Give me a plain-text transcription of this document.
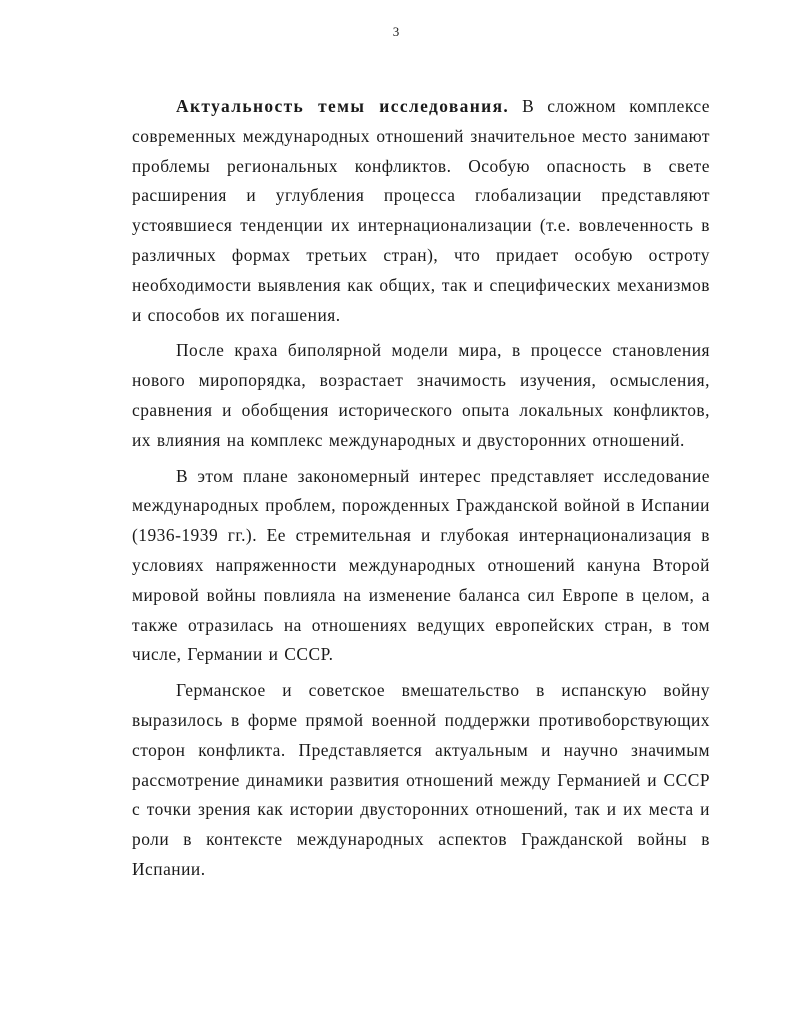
3

Актуальность темы исследования. В сложном комплексе современных международных отношений значительное место занимают проблемы региональных конфликтов. Особую опасность в свете расширения и углубления процесса глобализации представляют устоявшиеся тенденции их интернационализации (т.е. вовлеченность в различных формах третьих стран), что придает особую остроту необходимости выявления как общих, так и специфических механизмов и способов их погашения.

После краха биполярной модели мира, в процессе становления нового миропорядка, возрастает значимость изучения, осмысления, сравнения и обобщения исторического опыта локальных конфликтов, их влияния на комплекс международных и двусторонних отношений.

В этом плане закономерный интерес представляет исследование международных проблем, порожденных Гражданской войной в Испании (1936-1939 гг.). Ее стремительная и глубокая интернационализация в условиях напряженности международных отношений кануна Второй мировой войны повлияла на изменение баланса сил Европе в целом, а также отразилась на отношениях ведущих европейских стран, в том числе, Германии и СССР.

Германское и советское вмешательство в испанскую войну выразилось в форме прямой военной поддержки противоборствующих сторон конфликта. Представляется актуальным и научно значимым рассмотрение динамики развития отношений между Германией и СССР с точки зрения как истории двусторонних отношений, так и их места и роли в контексте международных аспектов Гражданской войны в Испании.
